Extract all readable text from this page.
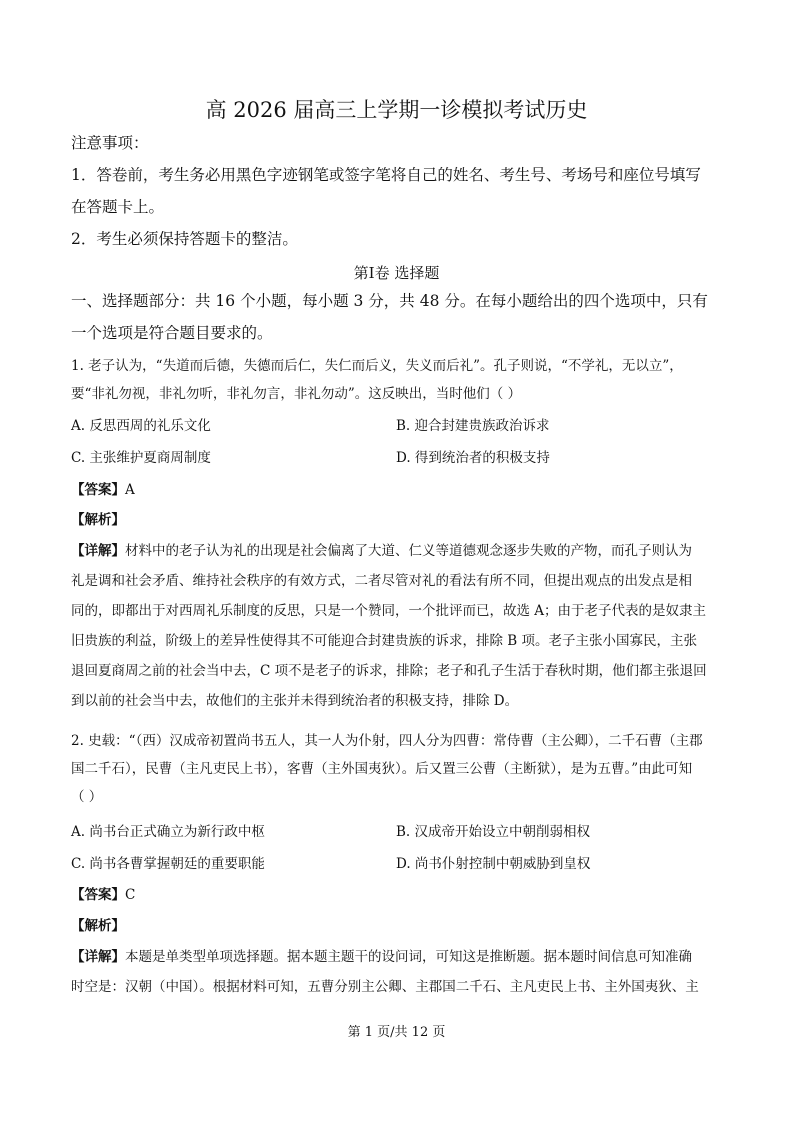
高 2026 届高三上学期一诊模拟考试历史
注意事项：
1．答卷前，考生务必用黑色字迹钢笔或签字笔将自己的姓名、考生号、考场号和座位号填写
在答题卡上。
2．考生必须保持答题卡的整洁。
第Ⅰ卷 选择题
一、选择题部分：共 16 个小题，每小题 3 分，共 48 分。在每小题给出的四个选项中，只有
一个选项是符合题目要求的。
1. 老子认为，“失道而后德，失德而后仁，失仁而后义，失义而后礼”。孔子则说，“不学礼，无以立”，
要“非礼勿视，非礼勿听，非礼勿言，非礼勿动”。这反映出，当时他们（ ）
A. 反思西周的礼乐文化	B. 迎合封建贵族政治诉求
C. 主张维护夏商周制度	D. 得到统治者的积极支持
【答案】A
【解析】
【详解】材料中的老子认为礼的出现是社会偏离了大道、仁义等道德观念逐步失败的产物，而孔子则认为
礼是调和社会矛盾、维持社会秩序的有效方式，二者尽管对礼的看法有所不同，但提出观点的出发点是相
同的，即都出于对西周礼乐制度的反思，只是一个赞同，一个批评而已，故选 A；由于老子代表的是奴隶主
旧贵族的利益，阶级上的差异性使得其不可能迎合封建贵族的诉求，排除 B 项。老子主张小国寡民，主张
退回夏商周之前的社会当中去，C 项不是老子的诉求，排除；老子和孔子生活于春秋时期，他们都主张退回
到以前的社会当中去，故他们的主张并未得到统治者的积极支持，排除 D。
2. 史载：“（西）汉成帝初置尚书五人，其一人为仆射，四人分为四曹：常侍曹（主公卿），二千石曹（主郡
国二千石），民曹（主凡吏民上书），客曹（主外国夷狄）。后又置三公曹（主断狱），是为五曹。”由此可知
（ ）
A. 尚书台正式确立为新行政中枢	B. 汉成帝开始设立中朝削弱相权
C. 尚书各曹掌握朝廷的重要职能	D. 尚书仆射控制中朝威胁到皇权
【答案】C
【解析】
【详解】本题是单类型单项选择题。据本题主题干的设问词，可知这是推断题。据本题时间信息可知准确
时空是：汉朝（中国）。根据材料可知，五曹分别主公卿、主郡国二千石、主凡吏民上书、主外国夷狄、主
第 1 页/共 12 页
